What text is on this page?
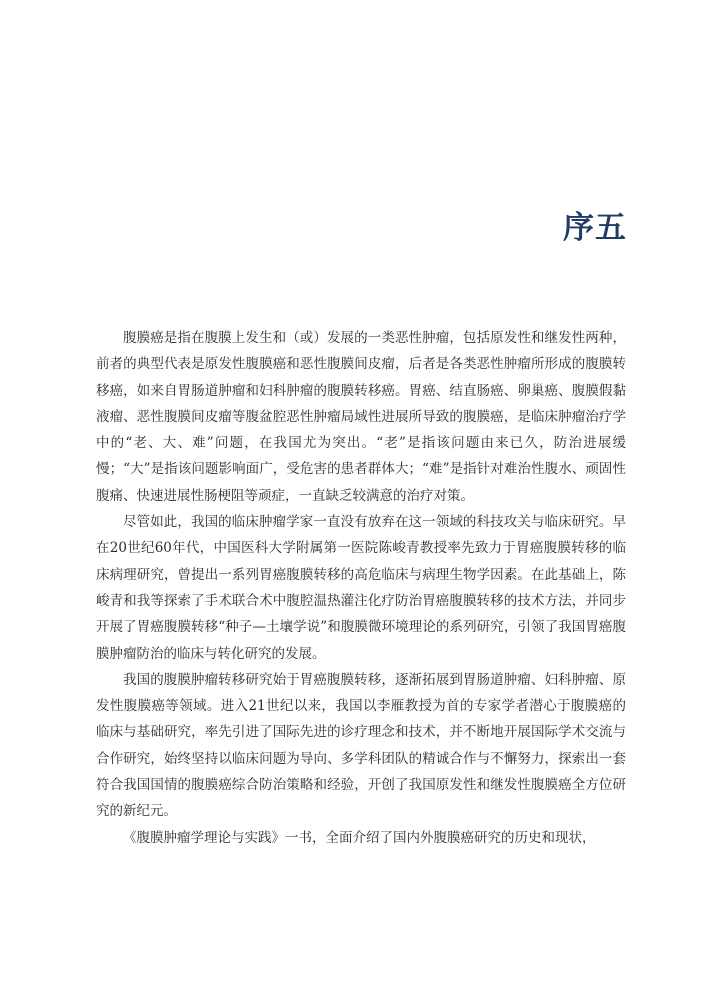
序五

腹膜癌是指在腹膜上发生和（或）发展的一类恶性肿瘤，包括原发性和继发性两种，前者的典型代表是原发性腹膜癌和恶性腹膜间皮瘤，后者是各类恶性肿瘤所形成的腹膜转移癌，如来自胃肠道肿瘤和妇科肿瘤的腹膜转移癌。胃癌、结直肠癌、卵巢癌、腹膜假黏液瘤、恶性腹膜间皮瘤等腹盆腔恶性肿瘤局域性进展所导致的腹膜癌，是临床肿瘤治疗学中的“老、大、难”问题，在我国尤为突出。“老”是指该问题由来已久，防治进展缓慢；“大”是指该问题影响面广，受危害的患者群体大；“难”是指针对难治性腹水、顽固性腹痛、快速进展性肠梗阻等顽症，一直缺乏较满意的治疗对策。

尽管如此，我国的临床肿瘤学家一直没有放弃在这一领域的科技攻关与临床研究。早在20世纪60年代，中国医科大学附属第一医院陈峻青教授率先致力于胃癌腹膜转移的临床病理研究，曾提出一系列胃癌腹膜转移的高危临床与病理生物学因素。在此基础上，陈峻青和我等探索了手术联合术中腹腔温热灌注化疗防治胃癌腹膜转移的技术方法，并同步开展了胃癌腹膜转移“种子—土壤学说”和腹膜微环境理论的系列研究，引领了我国胃癌腹膜肿瘤防治的临床与转化研究的发展。

我国的腹膜肿瘤转移研究始于胃癌腹膜转移，逐渐拓展到胃肠道肿瘤、妇科肿瘤、原发性腹膜癌等领域。进入21世纪以来，我国以李雁教授为首的专家学者潜心于腹膜癌的临床与基础研究，率先引进了国际先进的诊疗理念和技术，并不断地开展国际学术交流与合作研究，始终坚持以临床问题为导向、多学科团队的精诚合作与不懈努力，探索出一套符合我国国情的腹膜癌综合防治策略和经验，开创了我国原发性和继发性腹膜癌全方位研究的新纪元。

《腹膜肿瘤学理论与实践》一书，全面介绍了国内外腹膜癌研究的历史和现状，
